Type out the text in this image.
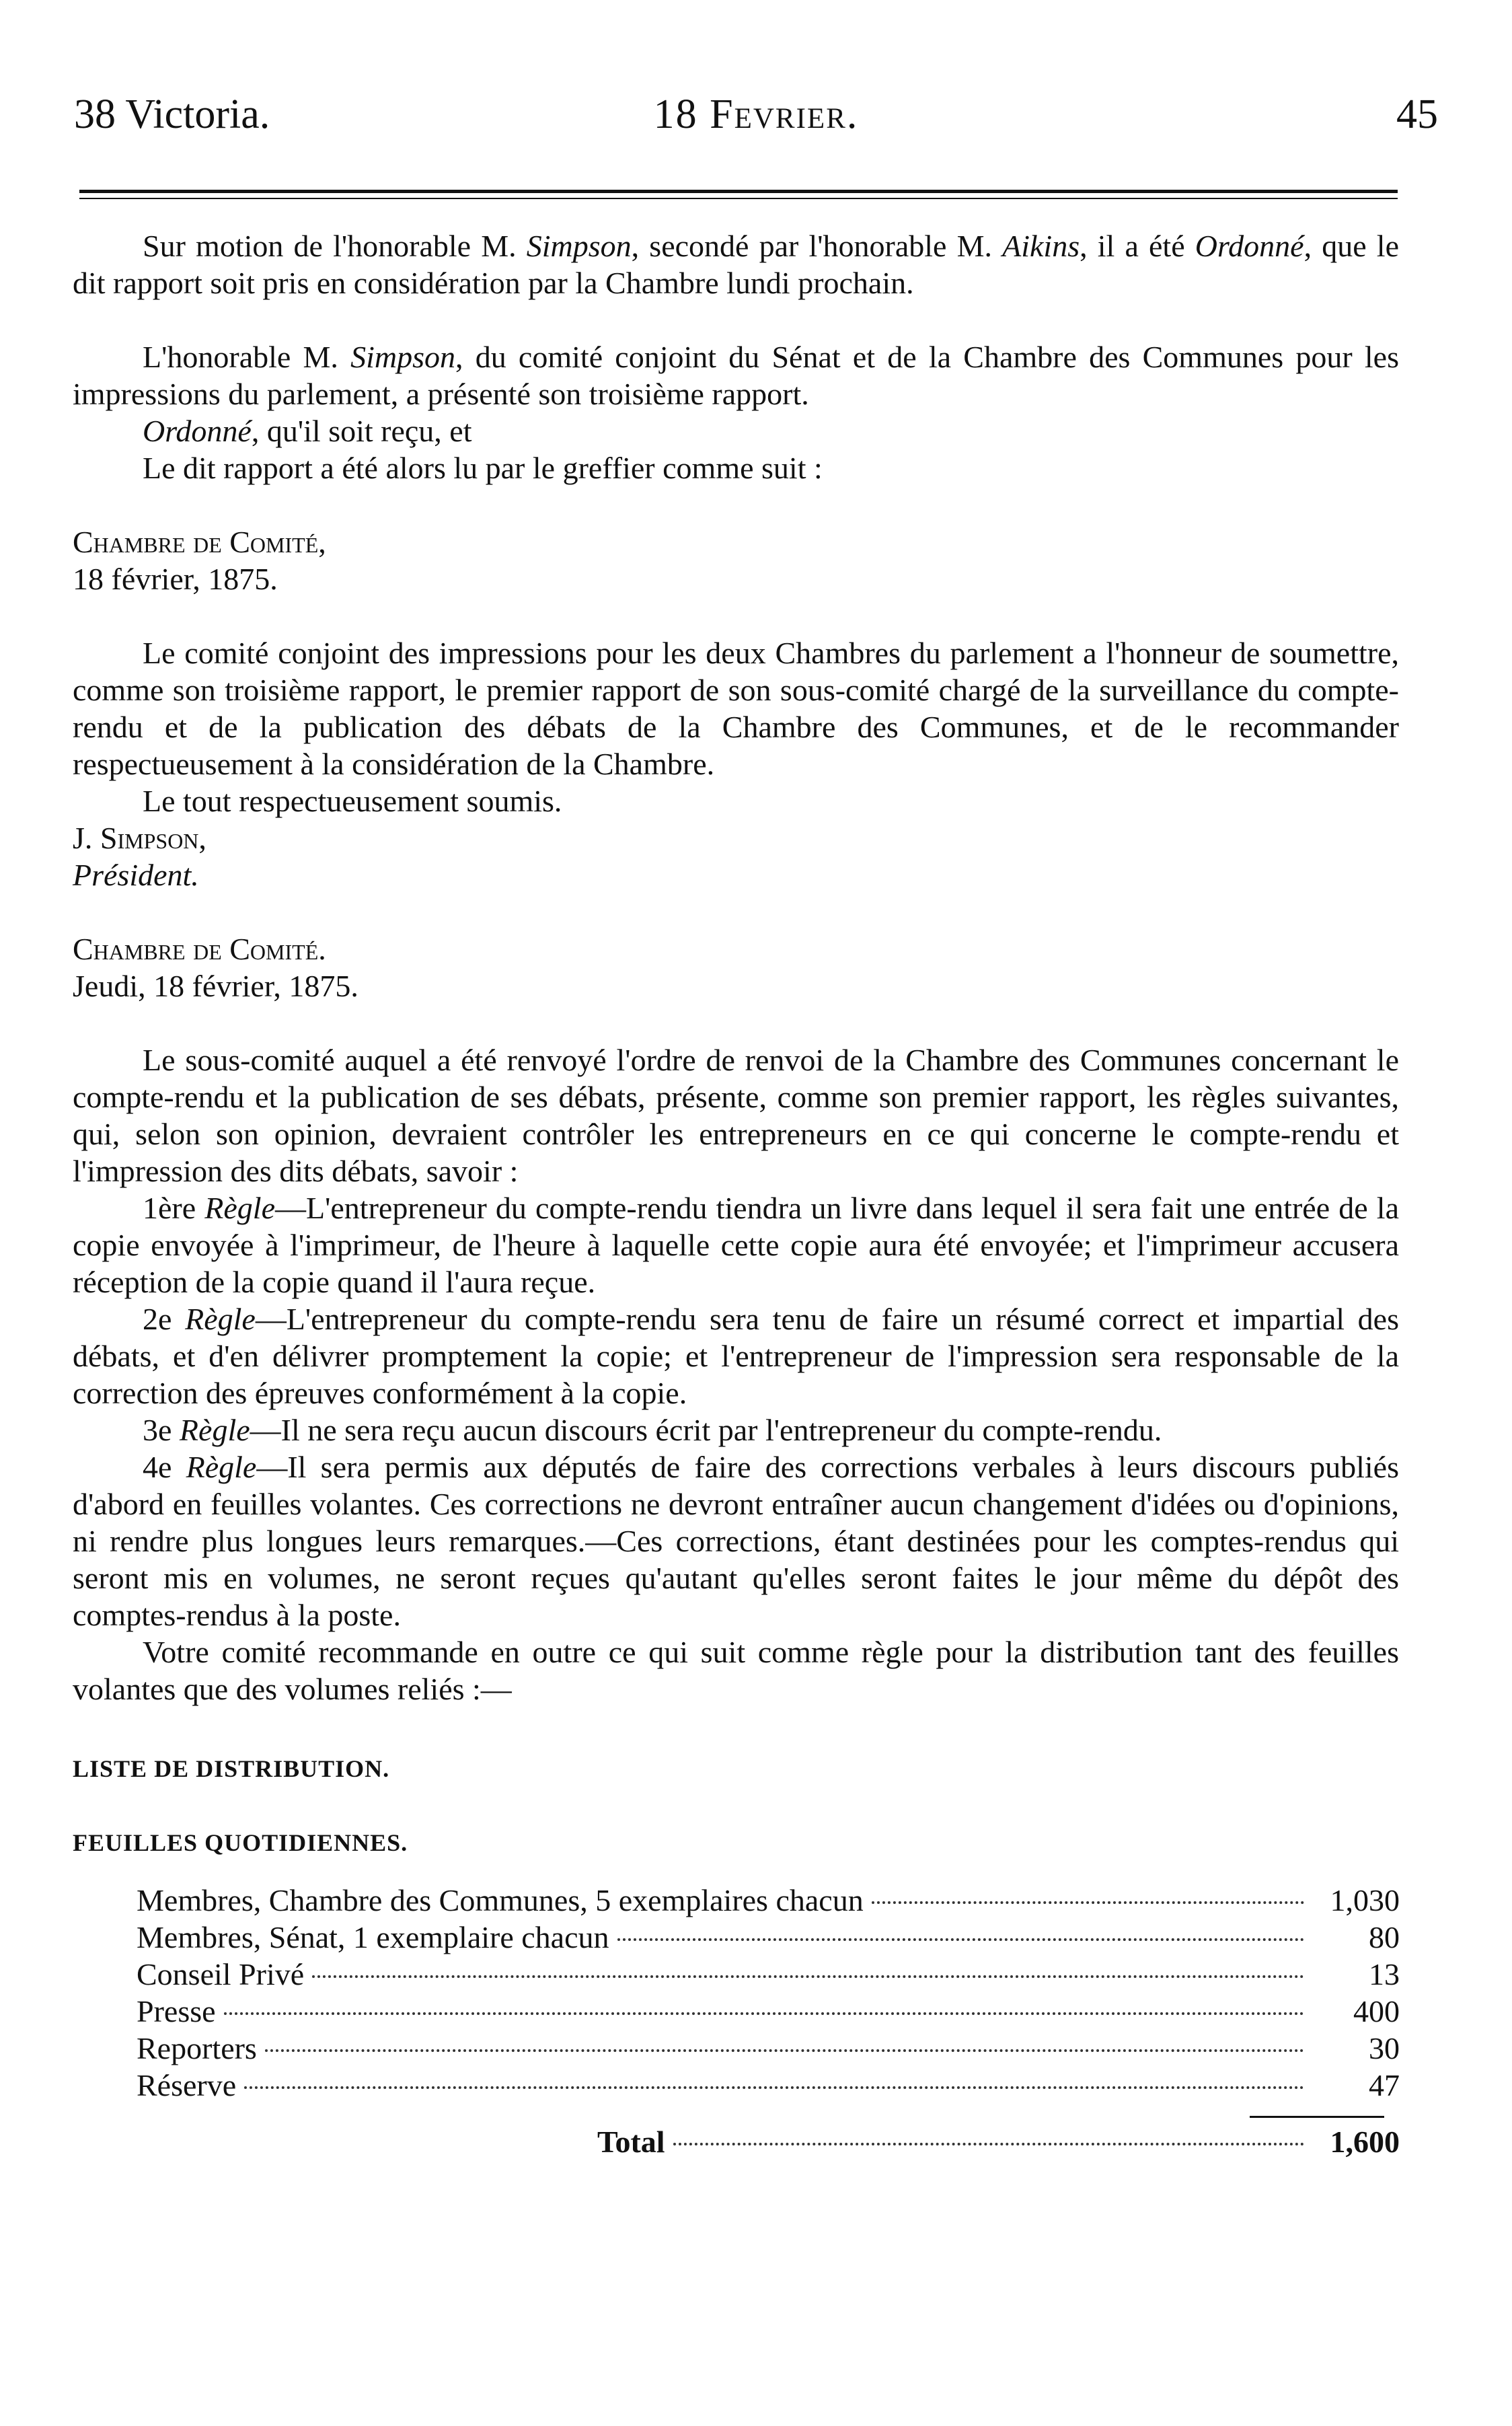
38 Victoria.	18 Fevrier.	45

Sur motion de l'honorable M. Simpson, secondé par l'honorable M. Aikins, il a été Ordonné, que le dit rapport soit pris en considération par la Chambre lundi prochain.

L'honorable M. Simpson, du comité conjoint du Sénat et de la Chambre des Communes pour les impressions du parlement, a présenté son troisième rapport.

Ordonné, qu'il soit reçu, et

Le dit rapport a été alors lu par le greffier comme suit :

Chambre de Comité,

18 février, 1875.

Le comité conjoint des impressions pour les deux Chambres du parlement a l'honneur de soumettre, comme son troisième rapport, le premier rapport de son sous-comité chargé de la surveillance du compte-rendu et de la publication des débats de la Chambre des Communes, et de le recommander respectueusement à la considération de la Chambre.

Le tout respectueusement soumis.

J. Simpson,

Président.

Chambre de Comité.

Jeudi, 18 février, 1875.

Le sous-comité auquel a été renvoyé l'ordre de renvoi de la Chambre des Communes concernant le compte-rendu et la publication de ses débats, présente, comme son premier rapport, les règles suivantes, qui, selon son opinion, devraient contrôler les entrepreneurs en ce qui concerne le compte-rendu et l'impression des dits débats, savoir :

1ère Règle—L'entrepreneur du compte-rendu tiendra un livre dans lequel il sera fait une entrée de la copie envoyée à l'imprimeur, de l'heure à laquelle cette copie aura été envoyée; et l'imprimeur accusera réception de la copie quand il l'aura reçue.

2e Règle—L'entrepreneur du compte-rendu sera tenu de faire un résumé correct et impartial des débats, et d'en délivrer promptement la copie; et l'entrepreneur de l'impression sera responsable de la correction des épreuves conformément à la copie.

3e Règle—Il ne sera reçu aucun discours écrit par l'entrepreneur du compte-rendu.

4e Règle—Il sera permis aux députés de faire des corrections verbales à leurs discours publiés d'abord en feuilles volantes. Ces corrections ne devront entraîner aucun changement d'idées ou d'opinions, ni rendre plus longues leurs remarques.—Ces corrections, étant destinées pour les comptes-rendus qui seront mis en volumes, ne seront reçues qu'autant qu'elles seront faites le jour même du dépôt des comptes-rendus à la poste.

Votre comité recommande en outre ce qui suit comme règle pour la distribution tant des feuilles volantes que des volumes reliés :—

LISTE DE DISTRIBUTION.

FEUILLES QUOTIDIENNES.

Membres, Chambre des Communes, 5 exemplaires chacun	1,030
Membres, Sénat, 1 exemplaire chacun	80
Conseil Privé	13
Presse	400
Reporters	30
Réserve	47
Total	1,600
